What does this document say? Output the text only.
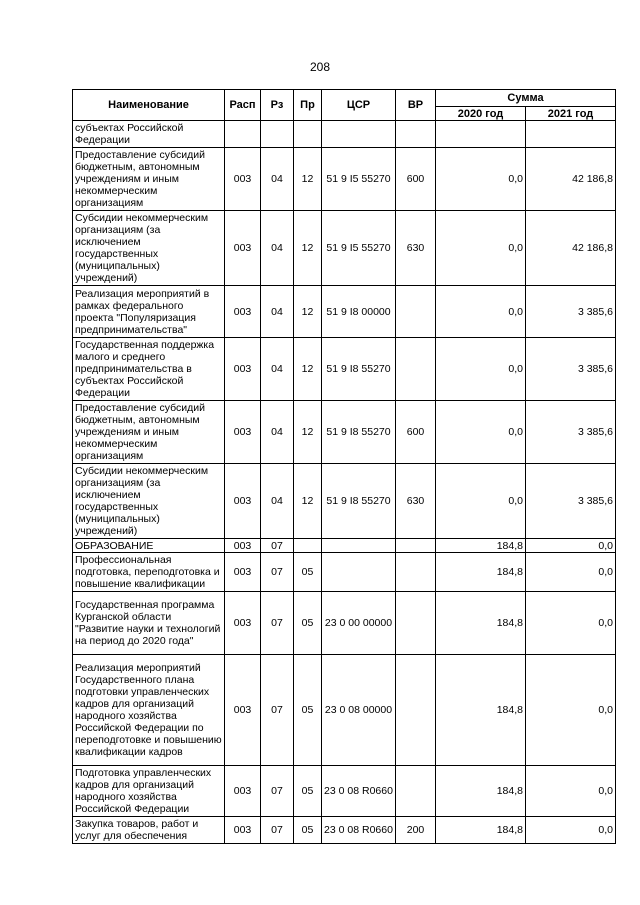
208
Наименование	Расп	Рз	Пр	ЦСР	ВР	Сумма	
						2020 год	2021 год
субъектах Российской Федерации							
Предоставление субсидий бюджетным, автономным учреждениям и иным некоммерческим организациям	003	04	12	51 9 I5 55270	600	0,0	42 186,8
Субсидии некоммерческим организациям (за исключением государственных (муниципальных) учреждений)	003	04	12	51 9 I5 55270	630	0,0	42 186,8
Реализация мероприятий в рамках федерального проекта "Популяризация предпринимательства"	003	04	12	51 9 I8 00000		0,0	3 385,6
Государственная поддержка малого и среднего предпринимательства в субъектах Российской Федерации	003	04	12	51 9 I8 55270		0,0	3 385,6
Предоставление субсидий бюджетным, автономным учреждениям и иным некоммерческим организациям	003	04	12	51 9 I8 55270	600	0,0	3 385,6
Субсидии некоммерческим организациям (за исключением государственных (муниципальных) учреждений)	003	04	12	51 9 I8 55270	630	0,0	3 385,6
ОБРАЗОВАНИЕ	003	07				184,8	0,0
Профессиональная подготовка, переподготовка и повышение квалификации	003	07	05			184,8	0,0
Государственная программа Курганской области "Развитие науки и технологий на период до 2020 года"	003	07	05	23 0 00 00000		184,8	0,0
Реализация мероприятий Государственного плана подготовки управленческих кадров для организаций народного хозяйства Российской Федерации по переподготовке и повышению квалификации кадров	003	07	05	23 0 08 00000		184,8	0,0
Подготовка управленческих кадров для организаций народного хозяйства Российской Федерации	003	07	05	23 0 08 R0660		184,8	0,0
Закупка товаров, работ и услуг для обеспечения	003	07	05	23 0 08 R0660	200	184,8	0,0
